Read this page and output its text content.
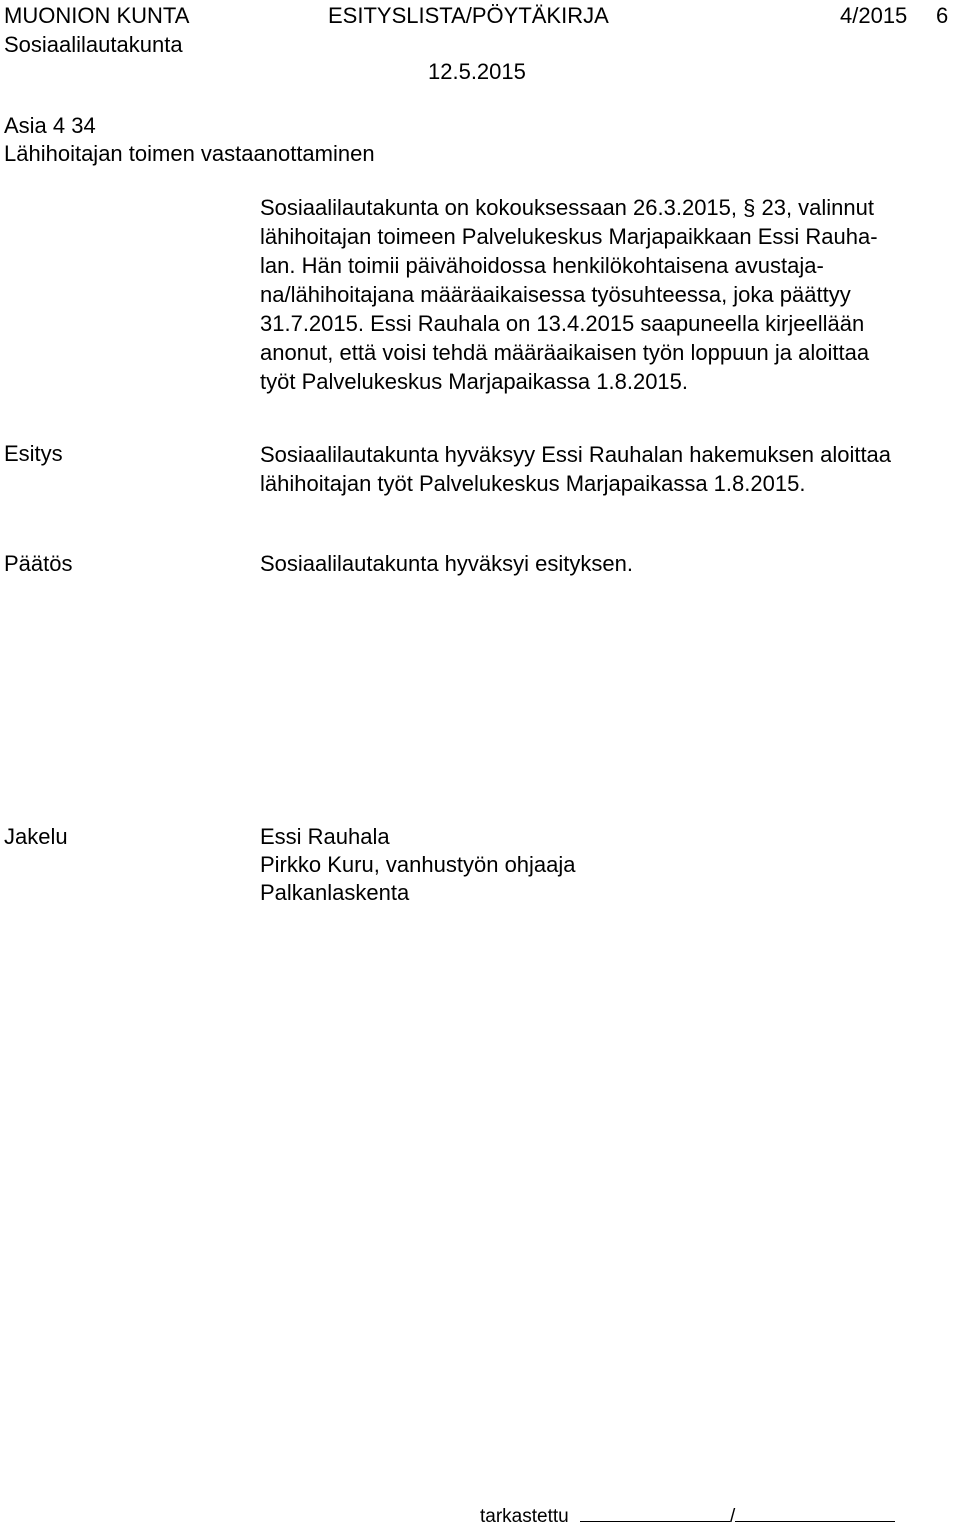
MUONION KUNTA	ESITYSLISTA/PÖYTÄKIRJA	4/2015 6
Sosiaalilautakunta
12.5.2015
Asia 4 34
Lähihoitajan toimen vastaanottaminen
Sosiaalilautakunta on kokouksessaan 26.3.2015, § 23, valinnut
lähihoitajan toimeen Palvelukeskus Marjapaikkaan Essi Rauha-
lan. Hän toimii päivähoidossa henkilökohtaisena avustaja-
na/lähihoitajana määräaikaisessa työsuhteessa, joka päättyy
31.7.2015. Essi Rauhala on 13.4.2015 saapuneella kirjeellään
anonut, että voisi tehdä määräaikaisen työn loppuun ja aloittaa
työt Palvelukeskus Marjapaikassa 1.8.2015.
Esitys	Sosiaalilautakunta hyväksyy Essi Rauhalan hakemuksen aloittaa
lähihoitajan työt Palvelukeskus Marjapaikassa 1.8.2015.
Päätös	Sosiaalilautakunta hyväksyi esityksen.
Jakelu	Essi Rauhala
Pirkko Kuru, vanhustyön ohjaaja
Palkanlaskenta
tarkastettu	/
